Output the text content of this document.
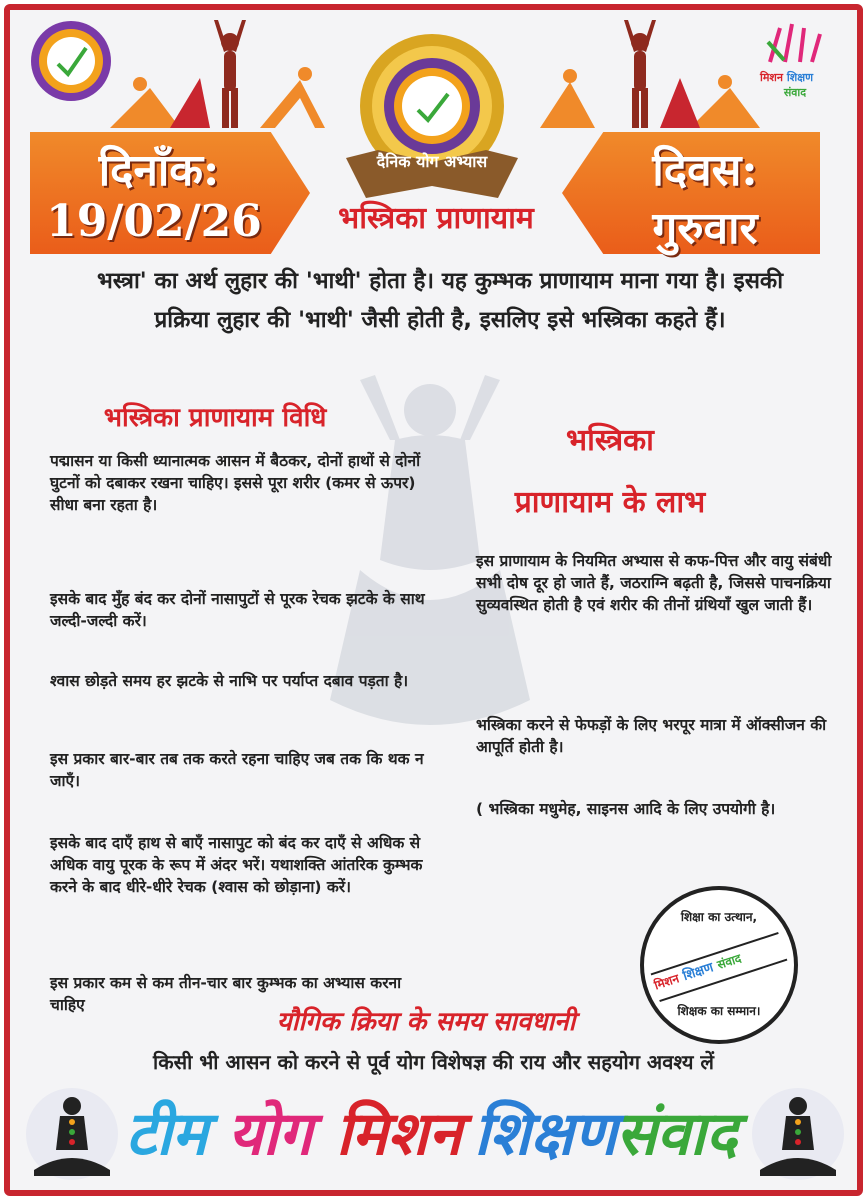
मिशन शिक्षण
संवाद
दैनिक योग अभ्यास
दिनाँक:
19/02/26
दिवस:
गुरुवार
भस्त्रिका प्राणायाम
भस्त्रा' का अर्थ लुहार की 'भाथी' होता है। यह कुम्भक प्राणायाम माना गया है। इसकी प्रक्रिया लुहार की 'भाथी' जैसी होती है, इसलिए इसे भस्त्रिका कहते हैं।
भस्त्रिका प्राणायाम विधि
पद्मासन या किसी ध्यानात्मक आसन में बैठकर, दोनों हाथों से दोनों घुटनों को दबाकर रखना चाहिए। इससे पूरा शरीर (कमर से ऊपर) सीधा बना रहता है।
इसके बाद मुँह बंद कर दोनों नासापुटों से पूरक रेचक झटके के साथ जल्दी-जल्दी करें।
श्वास छोड़ते समय हर झटके से नाभि पर पर्याप्त दबाव पड़ता है।
इस प्रकार बार-बार तब तक करते रहना चाहिए जब तक कि थक न जाएँ।
इसके बाद दाएँ हाथ से बाएँ नासापुट को बंद कर दाएँ से अधिक से अधिक वायु पूरक के रूप में अंदर भरें। यथाशक्ति आंतरिक कुम्भक करने के बाद धीरे-धीरे रेचक (श्वास को छोड़ाना) करें।
इस प्रकार कम से कम तीन-चार बार कुम्भक का अभ्यास करना चाहिए
भस्त्रिका
प्राणायाम के लाभ
इस प्राणायाम के नियमित अभ्यास से कफ-पित्त और वायु संबंधी सभी दोष दूर हो जाते हैं, जठराग्नि बढ़ती है, जिससे पाचनक्रिया सुव्यवस्थित होती है एवं शरीर की तीनों ग्रंथियाँ खुल जाती हैं।
भस्त्रिका करने से फेफड़ों के लिए भरपूर मात्रा में ऑक्सीजन की आपूर्ति होती है।
( भस्त्रिका मधुमेह, साइनस आदि के लिए उपयोगी है।
शिक्षा का उत्थान,
मिशन शिक्षण संवाद
शिक्षक का सम्मान।
यौगिक क्रिया के समय सावधानी
किसी भी आसन को करने से पूर्व योग विशेषज्ञ की राय और सहयोग अवश्य लें
टीम योग मिशन शिक्षण संवाद
